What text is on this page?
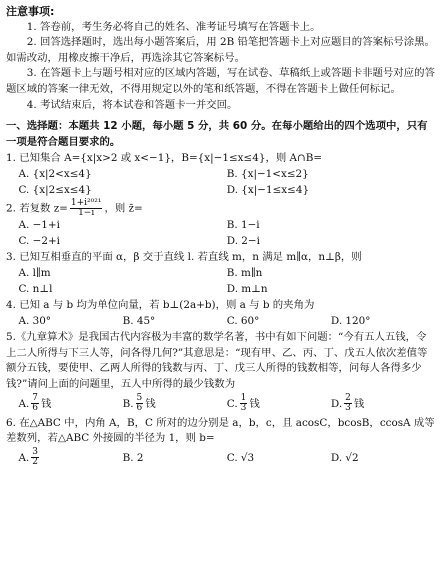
注意事项:
1. 答卷前，考生务必将自己的姓名、准考证号填写在答题卡上。
2. 回答选择题时，选出每小题答案后，用 2B 铅笔把答题卡上对应题目的答案标号涂黑。如需改动，用橡皮擦干净后，再选涂其它答案标号。
3. 在答题卡上与题号相对应的区域内答题，写在试卷、草稿纸上或答题卡非题号对应的答题区域的答案一律无效，不得用规定以外的笔和纸答题，不得在答题卡上做任何标记。
4. 考试结束后，将本试卷和答题卡一并交回。
一、选择题：本题共 12 小题，每小题 5 分，共 60 分。在每小题给出的四个选项中，只有一项是符合题目要求的。
1. 已知集合 A={x|x>2 或 x<−1}，B={x|−1≤x≤4}，则 A∩B=
A. {x|2<x≤4}	B. {x|−1<x≤2}
C. {x|2≤x≤4}	D. {x|−1≤x≤4}
2. 若复数 $z= \frac{\text{1+i²⁰²¹}}{1-i}$ ，则 z̄=
A. −1+i	B. 1−i
C. −2+i	D. 2−i
3. 已知互相垂直的平面 α，β 交于直线 l. 若直线 m，n 满足 m∥α，n⊥β，则
A. l∥m	B. m∥n
C. n⊥l	D. m⊥n
4. 已知 a 与 b 均为单位向量，若 b⊥(2a+b)，则 a 与 b 的夹角为
A. 30°	B. 45°	C. 60°	D. 120°
5.《九章算术》是我国古代内容极为丰富的数学名著，书中有如下问题：“今有五人五钱，令上二人所得与下三人等，问各得几何?”其意思是：“现有甲、乙、丙、丁、戊五人依次差值等额分五钱，要使甲、乙两人所得的钱数与丙、丁、戊三人所得的钱数相等，问每人各得多少钱?”请问上面的问题里，五人中所得的最少钱数为
A. $\frac{7}{6}$ 钱	B. $\frac{5}{6}$ 钱	C. $\frac{1}{3}$ 钱	D. $\frac{2}{3}$ 钱
6. 在△ABC 中，内角 A，B，C 所对的边分别是 a，b，c，且 acosC，bcosB，ccosA 成等差数列，若△ABC 外接圆的半径为 1，则 b=
A. $\frac{3}{2}$	B. 2	C. √3	D. √2
